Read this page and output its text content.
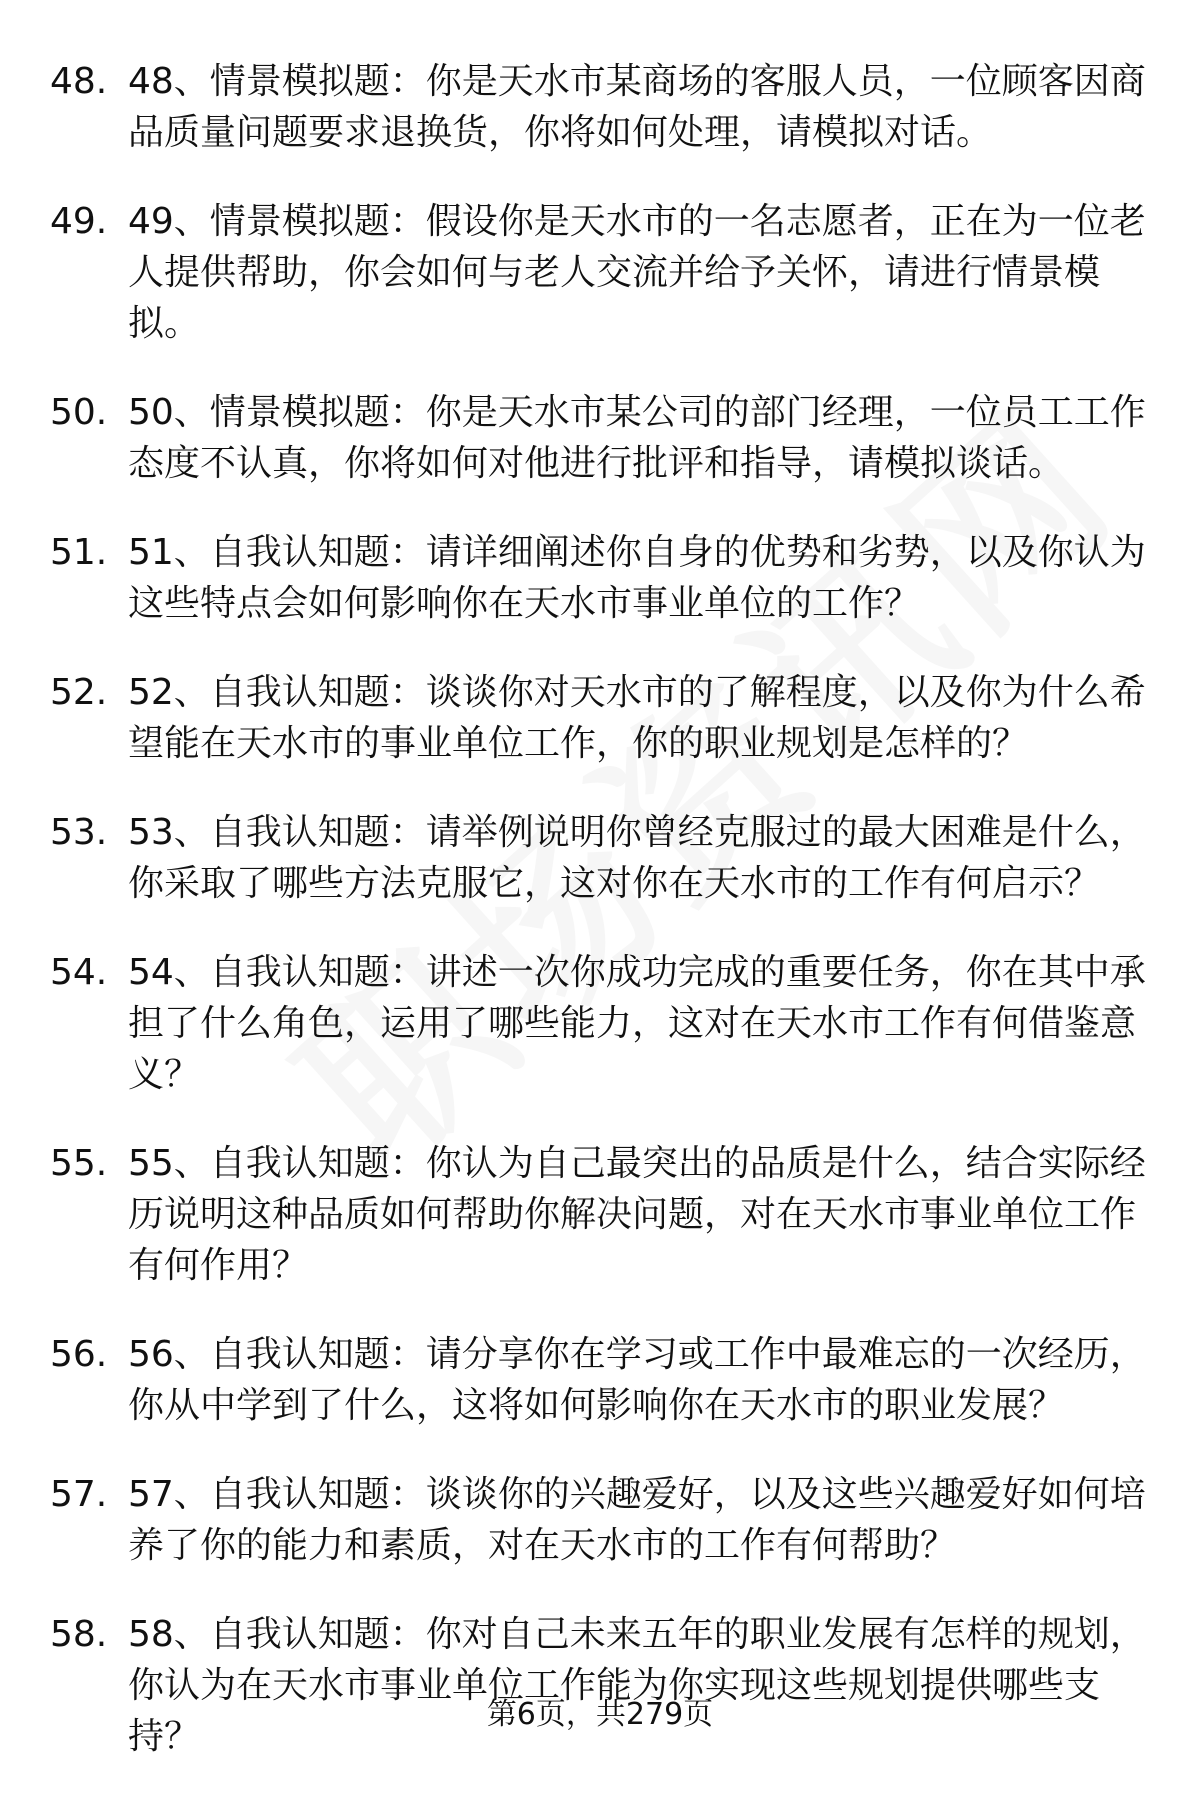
48. 48、情景模拟题：你是天水市某商场的客服人员，一位顾客因商品质量问题要求退换货，你将如何处理，请模拟对话。
49. 49、情景模拟题：假设你是天水市的一名志愿者，正在为一位老人提供帮助，你会如何与老人交流并给予关怀，请进行情景模拟。
50. 50、情景模拟题：你是天水市某公司的部门经理，一位员工工作态度不认真，你将如何对他进行批评和指导，请模拟谈话。
51. 51、自我认知题：请详细阐述你自身的优势和劣势，以及你认为这些特点会如何影响你在天水市事业单位的工作？
52. 52、自我认知题：谈谈你对天水市的了解程度，以及你为什么希望能在天水市的事业单位工作，你的职业规划是怎样的？
53. 53、自我认知题：请举例说明你曾经克服过的最大困难是什么，你采取了哪些方法克服它，这对你在天水市的工作有何启示？
54. 54、自我认知题：讲述一次你成功完成的重要任务，你在其中承担了什么角色，运用了哪些能力，这对在天水市工作有何借鉴意义？
55. 55、自我认知题：你认为自己最突出的品质是什么，结合实际经历说明这种品质如何帮助你解决问题，对在天水市事业单位工作有何作用？
56. 56、自我认知题：请分享你在学习或工作中最难忘的一次经历，你从中学到了什么，这将如何影响你在天水市的职业发展？
57. 57、自我认知题：谈谈你的兴趣爱好，以及这些兴趣爱好如何培养了你的能力和素质，对在天水市的工作有何帮助？
58. 58、自我认知题：你对自己未来五年的职业发展有怎样的规划，你认为在天水市事业单位工作能为你实现这些规划提供哪些支持？
第6页，共279页
